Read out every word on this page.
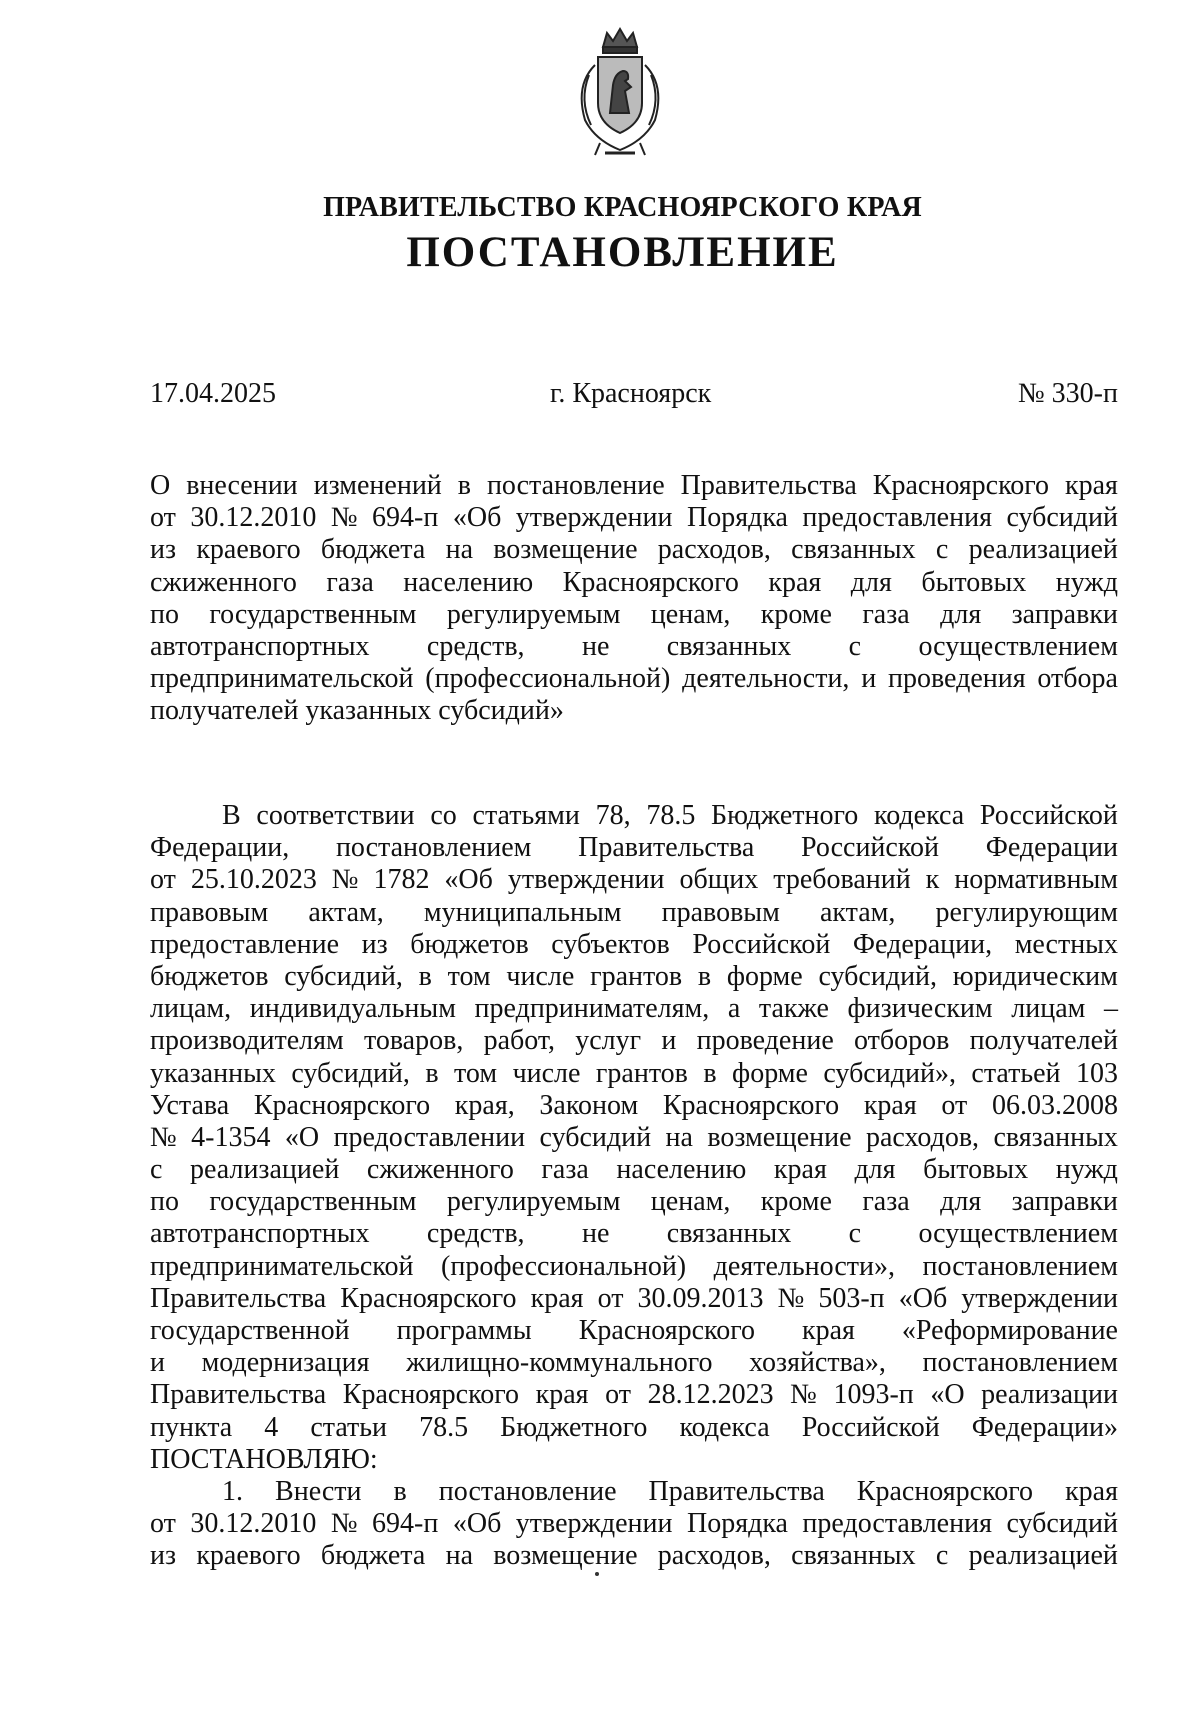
ПРАВИТЕЛЬСТВО КРАСНОЯРСКОГО КРАЯ
ПОСТАНОВЛЕНИЕ
17.04.2025	г. Красноярск	№ 330-п
О внесении изменений в постановление Правительства Красноярского края
от 30.12.2010 № 694-п «Об утверждении Порядка предоставления субсидий
из краевого бюджета на возмещение расходов, связанных с реализацией
сжиженного газа населению Красноярского края для бытовых нужд
по государственным регулируемым ценам, кроме газа для заправки
автотранспортных средств, не связанных с осуществлением
предпринимательской (профессиональной) деятельности, и проведения отбора
получателей указанных субсидий»
В соответствии со статьями 78, 78.5 Бюджетного кодекса Российской
Федерации, постановлением Правительства Российской Федерации
от 25.10.2023 № 1782 «Об утверждении общих требований к нормативным
правовым актам, муниципальным правовым актам, регулирующим
предоставление из бюджетов субъектов Российской Федерации, местных
бюджетов субсидий, в том числе грантов в форме субсидий, юридическим
лицам, индивидуальным предпринимателям, а также физическим лицам –
производителям товаров, работ, услуг и проведение отборов получателей
указанных субсидий, в том числе грантов в форме субсидий», статьей 103
Устава Красноярского края, Законом Красноярского края от 06.03.2008
№ 4-1354 «О предоставлении субсидий на возмещение расходов, связанных
с реализацией сжиженного газа населению края для бытовых нужд
по государственным регулируемым ценам, кроме газа для заправки
автотранспортных средств, не связанных с осуществлением
предпринимательской (профессиональной) деятельности», постановлением
Правительства Красноярского края от 30.09.2013 № 503-п «Об утверждении
государственной программы Красноярского края «Реформирование
и модернизация жилищно-коммунального хозяйства», постановлением
Правительства Красноярского края от 28.12.2023 № 1093-п «О реализации
пункта 4 статьи 78.5 Бюджетного кодекса Российской Федерации»
ПОСТАНОВЛЯЮ:
1. Внести в постановление Правительства Красноярского края
от 30.12.2010 № 694-п «Об утверждении Порядка предоставления субсидий
из краевого бюджета на возмещение расходов, связанных с реализацией
